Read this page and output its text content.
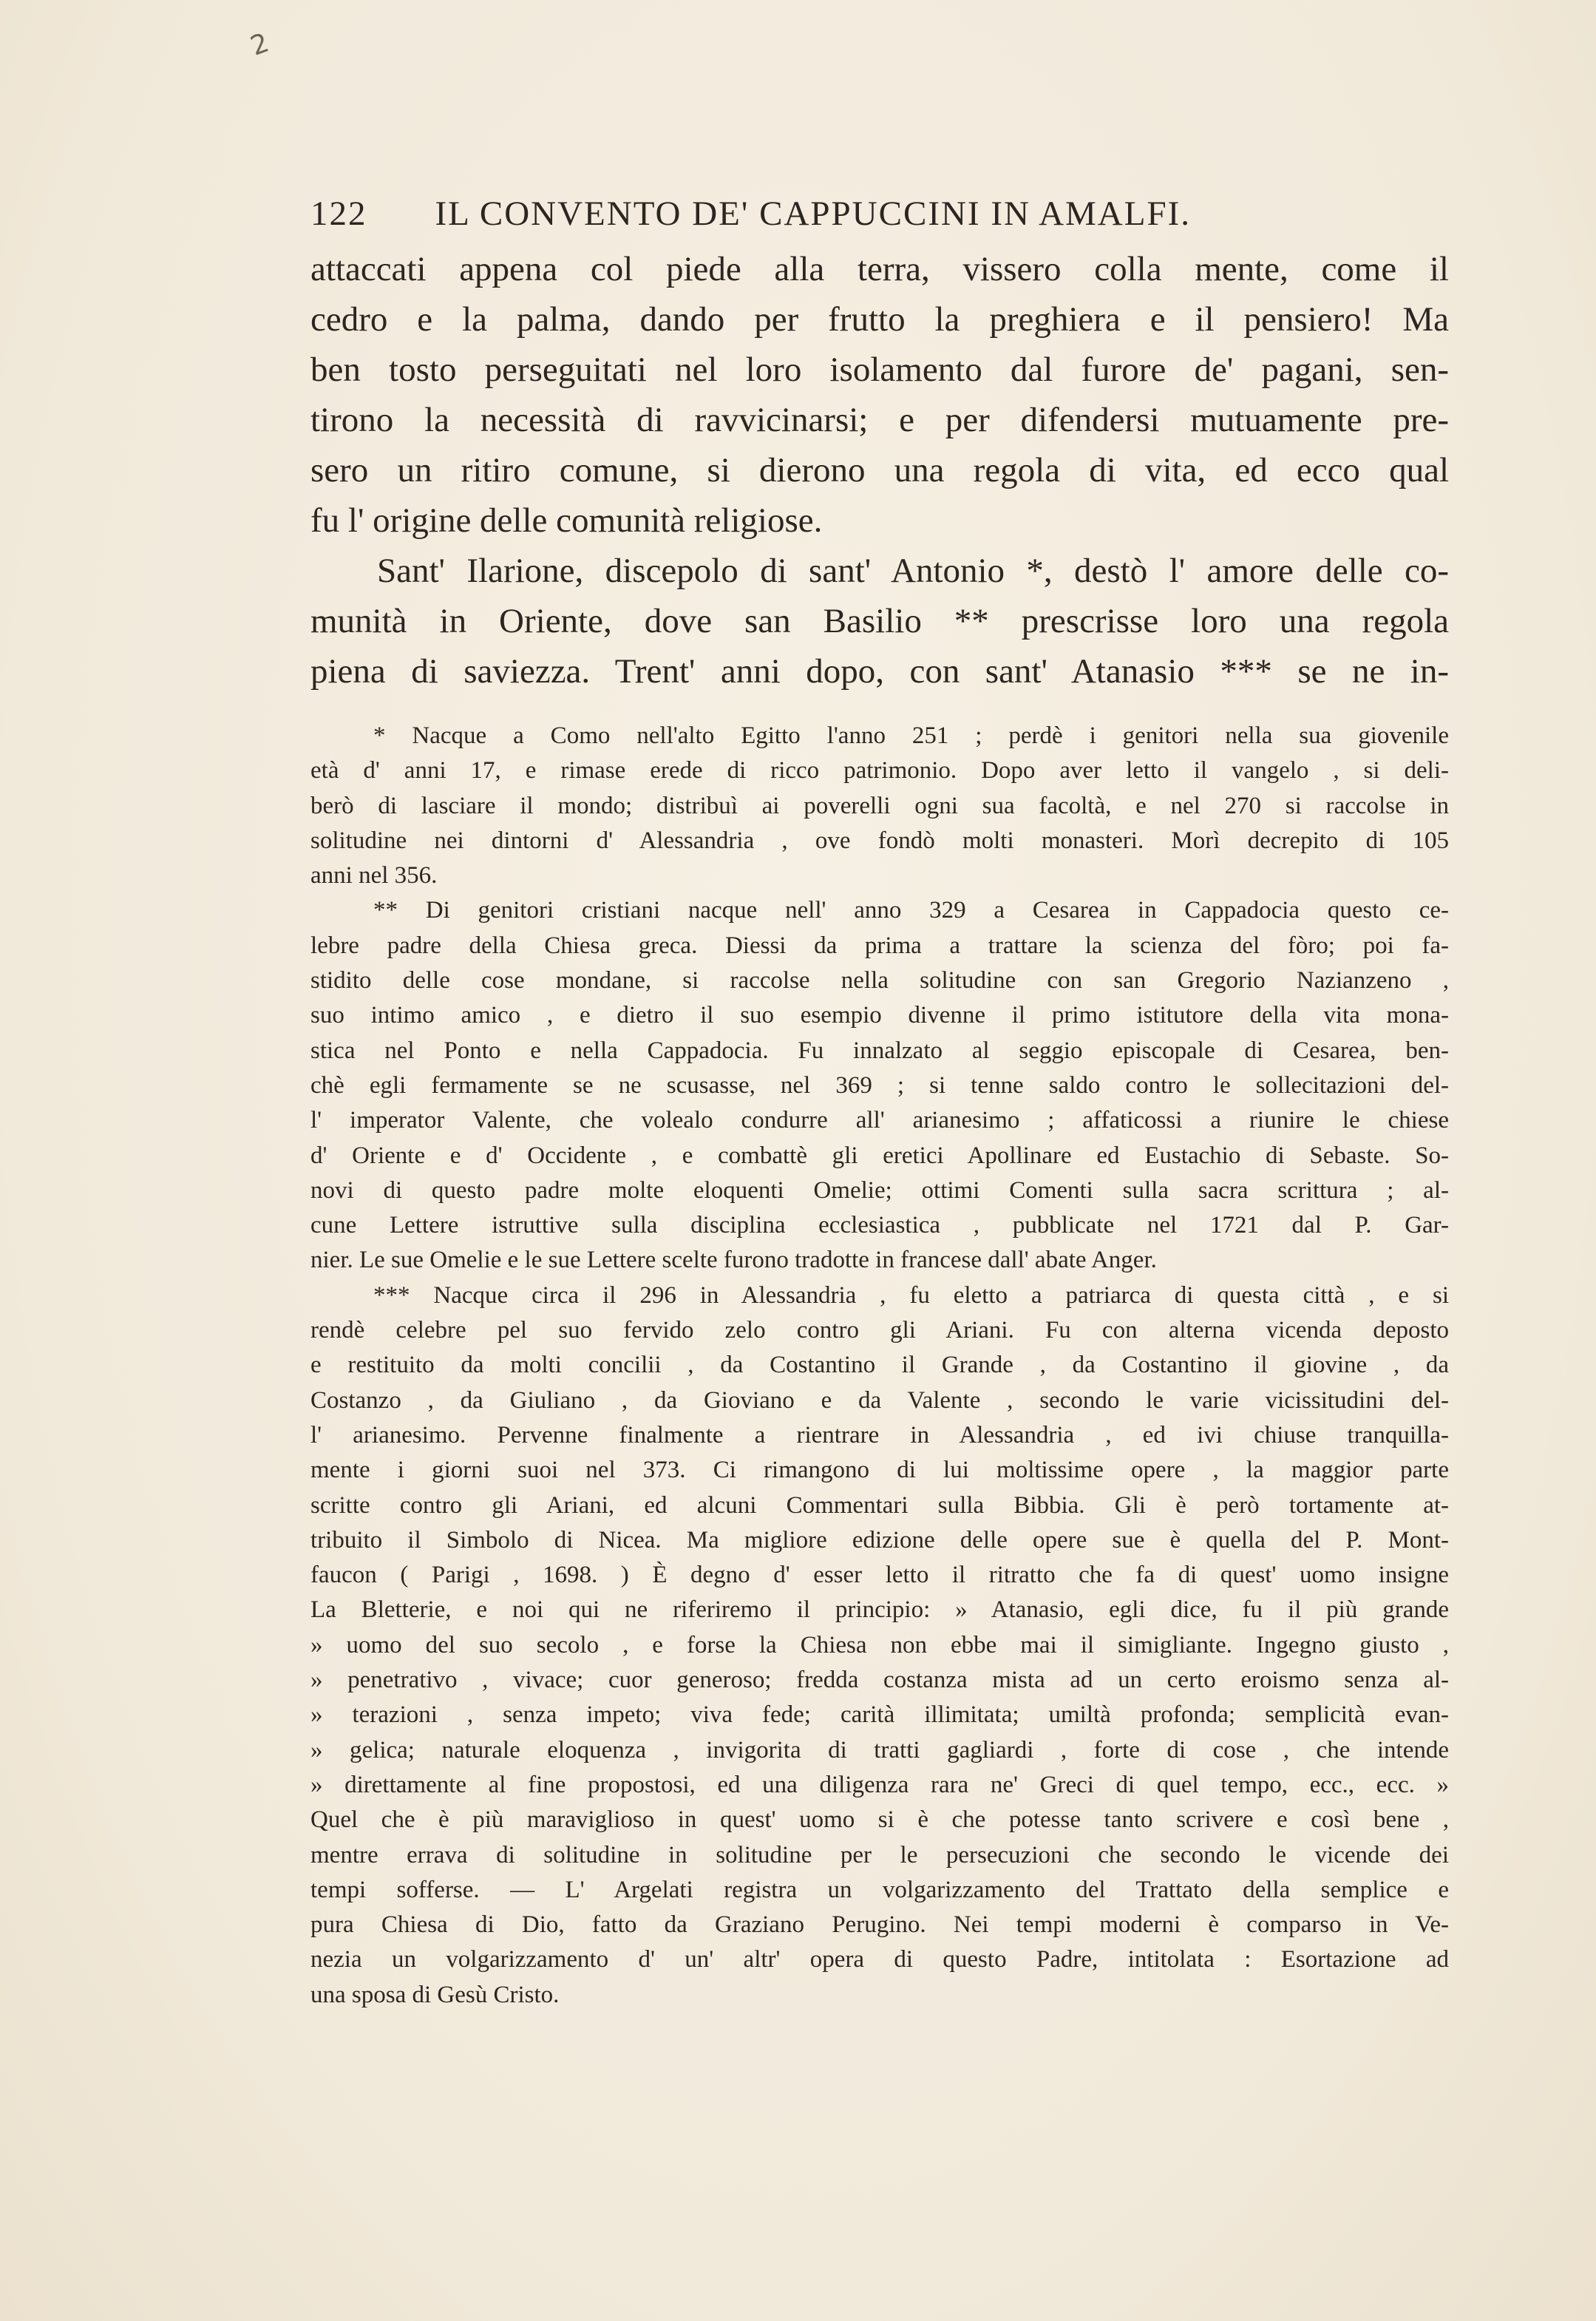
2
122 IL CONVENTO DE' CAPPUCCINI IN AMALFI.
attaccati appena col piede alla terra, vissero colla mente, come il
cedro e la palma, dando per frutto la preghiera e il pensiero! Ma
ben tosto perseguitati nel loro isolamento dal furore de' pagani, sen-
tirono la necessità di ravvicinarsi; e per difendersi mutuamente pre-
sero un ritiro comune, si dierono una regola di vita, ed ecco qual
fu l' origine delle comunità religiose.
Sant' Ilarione, discepolo di sant' Antonio *, destò l' amore delle co-
munità in Oriente, dove san Basilio ** prescrisse loro una regola
piena di saviezza. Trent' anni dopo, con sant' Atanasio *** se ne in-
* Nacque a Como nell'alto Egitto l'anno 251 ; perdè i genitori nella sua giovenile
età d' anni 17, e rimase erede di ricco patrimonio. Dopo aver letto il vangelo , si deli-
berò di lasciare il mondo; distribuì ai poverelli ogni sua facoltà, e nel 270 si raccolse in
solitudine nei dintorni d' Alessandria , ove fondò molti monasteri. Morì decrepito di 105
anni nel 356.
** Di genitori cristiani nacque nell' anno 329 a Cesarea in Cappadocia questo ce-
lebre padre della Chiesa greca. Diessi da prima a trattare la scienza del fòro; poi fa-
stidito delle cose mondane, si raccolse nella solitudine con san Gregorio Nazianzeno ,
suo intimo amico , e dietro il suo esempio divenne il primo istitutore della vita mona-
stica nel Ponto e nella Cappadocia. Fu innalzato al seggio episcopale di Cesarea, ben-
chè egli fermamente se ne scusasse, nel 369 ; si tenne saldo contro le sollecitazioni del-
l' imperator Valente, che volealo condurre all' arianesimo ; affaticossi a riunire le chiese
d' Oriente e d' Occidente , e combattè gli eretici Apollinare ed Eustachio di Sebaste. So-
novi di questo padre molte eloquenti Omelie; ottimi Comenti sulla sacra scrittura ; al-
cune Lettere istruttive sulla disciplina ecclesiastica , pubblicate nel 1721 dal P. Gar-
nier. Le sue Omelie e le sue Lettere scelte furono tradotte in francese dall' abate Anger.
*** Nacque circa il 296 in Alessandria , fu eletto a patriarca di questa città , e si
rendè celebre pel suo fervido zelo contro gli Ariani. Fu con alterna vicenda deposto
e restituito da molti concilii , da Costantino il Grande , da Costantino il giovine , da
Costanzo , da Giuliano , da Gioviano e da Valente , secondo le varie vicissitudini del-
l' arianesimo. Pervenne finalmente a rientrare in Alessandria , ed ivi chiuse tranquilla-
mente i giorni suoi nel 373. Ci rimangono di lui moltissime opere , la maggior parte
scritte contro gli Ariani, ed alcuni Commentari sulla Bibbia. Gli è però tortamente at-
tribuito il Simbolo di Nicea. Ma migliore edizione delle opere sue è quella del P. Mont-
faucon ( Parigi , 1698. ) È degno d' esser letto il ritratto che fa di quest' uomo insigne
La Bletterie, e noi qui ne riferiremo il principio: » Atanasio, egli dice, fu il più grande
» uomo del suo secolo , e forse la Chiesa non ebbe mai il simigliante. Ingegno giusto ,
» penetrativo , vivace; cuor generoso; fredda costanza mista ad un certo eroismo senza al-
» terazioni , senza impeto; viva fede; carità illimitata; umiltà profonda; semplicità evan-
» gelica; naturale eloquenza , invigorita di tratti gagliardi , forte di cose , che intende
» direttamente al fine propostosi, ed una diligenza rara ne' Greci di quel tempo, ecc., ecc. »
Quel che è più maraviglioso in quest' uomo si è che potesse tanto scrivere e così bene ,
mentre errava di solitudine in solitudine per le persecuzioni che secondo le vicende dei
tempi sofferse. — L' Argelati registra un volgarizzamento del Trattato della semplice e
pura Chiesa di Dio, fatto da Graziano Perugino. Nei tempi moderni è comparso in Ve-
nezia un volgarizzamento d' un' altr' opera di questo Padre, intitolata : Esortazione ad
una sposa di Gesù Cristo.
